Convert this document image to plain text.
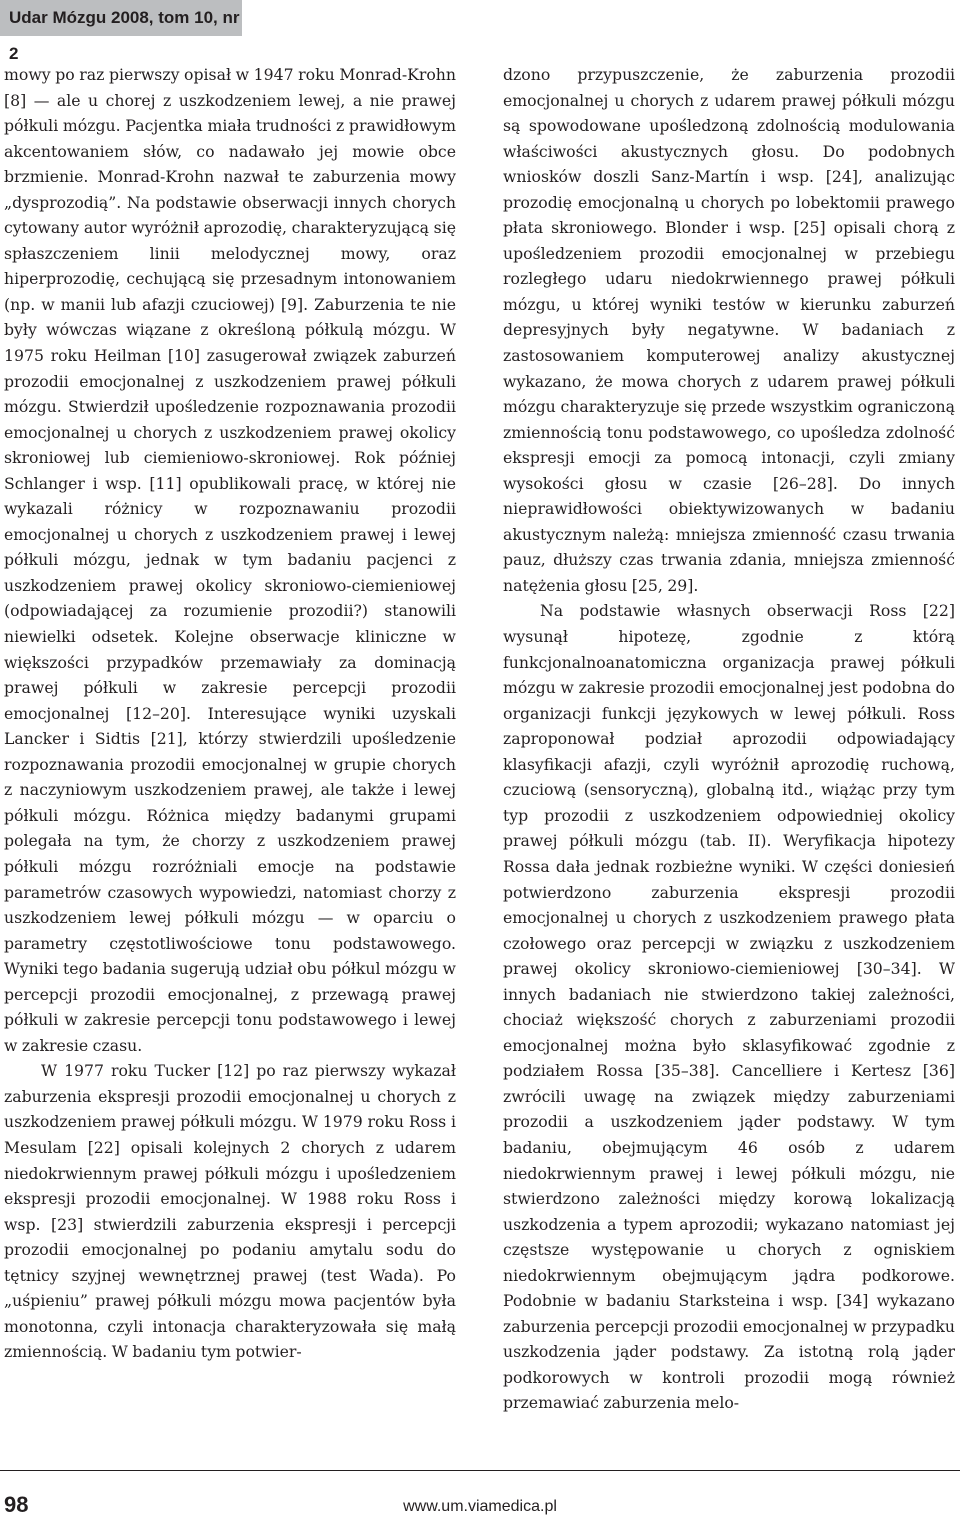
Udar Mózgu 2008, tom 10, nr 2

mowy po raz pierwszy opisał w 1947 roku Monrad-Krohn [8] — ale u chorej z uszkodzeniem lewej, a nie prawej półkuli mózgu. Pacjentka miała trudności z prawidłowym akcentowaniem słów, co nadawało jej mowie obce brzmienie. Monrad-Krohn nazwał te zaburzenia mowy „dysprozodią”. Na podstawie obserwacji innych chorych cytowany autor wyróżnił aprozodię, charakteryzującą się spłaszczeniem linii melodycznej mowy, oraz hiperprozodię, cechującą się przesadnym intonowaniem (np. w manii lub afazji czuciowej) [9]. Zaburzenia te nie były wówczas wiązane z określoną półkulą mózgu. W 1975 roku Heilman [10] zasugerował związek zaburzeń prozodii emocjonalnej z uszkodzeniem prawej półkuli mózgu. Stwierdził upośledzenie rozpoznawania prozodii emocjonalnej u chorych z uszkodzeniem prawej okolicy skroniowej lub ciemieniowo-skroniowej. Rok później Schlanger i wsp. [11] opublikowali pracę, w której nie wykazali różnicy w rozpoznawaniu prozodii emocjonalnej u chorych z uszkodzeniem prawej i lewej półkuli mózgu, jednak w tym badaniu pacjenci z uszkodzeniem prawej okolicy skroniowo-ciemieniowej (odpowiadającej za rozumienie prozodii?) stanowili niewielki odsetek. Kolejne obserwacje kliniczne w większości przypadków przemawiały za dominacją prawej półkuli w zakresie percepcji prozodii emocjonalnej [12–20]. Interesujące wyniki uzyskali Lancker i Sidtis [21], którzy stwierdzili upośledzenie rozpoznawania prozodii emocjonalnej w grupie chorych z naczyniowym uszkodzeniem prawej, ale także i lewej półkuli mózgu. Różnica między badanymi grupami polegała na tym, że chorzy z uszkodzeniem prawej półkuli mózgu rozróżniali emocje na podstawie parametrów czasowych wypowiedzi, natomiast chorzy z uszkodzeniem lewej półkuli mózgu — w oparciu o parametry częstotliwościowe tonu podstawowego. Wyniki tego badania sugerują udział obu półkul mózgu w percepcji prozodii emocjonalnej, z przewagą prawej półkuli w zakresie percepcji tonu podstawowego i lewej w zakresie czasu.

W 1977 roku Tucker [12] po raz pierwszy wykazał zaburzenia ekspresji prozodii emocjonalnej u chorych z uszkodzeniem prawej półkuli mózgu. W 1979 roku Ross i Mesulam [22] opisali kolejnych 2 chorych z udarem niedokrwiennym prawej półkuli mózgu i upośledzeniem ekspresji prozodii emocjonalnej. W 1988 roku Ross i wsp. [23] stwierdzili zaburzenia ekspresji i percepcji prozodii emocjonalnej po podaniu amytalu sodu do tętnicy szyjnej wewnętrznej prawej (test Wada). Po „uśpieniu” prawej półkuli mózgu mowa pacjentów była monotonna, czyli intonacja charakteryzowała się małą zmiennością. W badaniu tym potwier-

dzono przypuszczenie, że zaburzenia prozodii emocjonalnej u chorych z udarem prawej półkuli mózgu są spowodowane upośledzoną zdolnością modulowania właściwości akustycznych głosu. Do podobnych wniosków doszli Sanz-Martín i wsp. [24], analizując prozodię emocjonalną u chorych po lobektomii prawego płata skroniowego. Blonder i wsp. [25] opisali chorą z upośledzeniem prozodii emocjonalnej w przebiegu rozległego udaru niedokrwiennego prawej półkuli mózgu, u której wyniki testów w kierunku zaburzeń depresyjnych były negatywne. W badaniach z zastosowaniem komputerowej analizy akustycznej wykazano, że mowa chorych z udarem prawej półkuli mózgu charakteryzuje się przede wszystkim ograniczoną zmiennością tonu podstawowego, co upośledza zdolność ekspresji emocji za pomocą intonacji, czyli zmiany wysokości głosu w czasie [26–28]. Do innych nieprawidłowości obiektywizowanych w badaniu akustycznym należą: mniejsza zmienność czasu trwania pauz, dłuższy czas trwania zdania, mniejsza zmienność natężenia głosu [25, 29].

Na podstawie własnych obserwacji Ross [22] wysunął hipotezę, zgodnie z którą funkcjonalnoanatomiczna organizacja prawej półkuli mózgu w zakresie prozodii emocjonalnej jest podobna do organizacji funkcji językowych w lewej półkuli. Ross zaproponował podział aprozodii odpowiadający klasyfikacji afazji, czyli wyróżnił aprozodię ruchową, czuciową (sensoryczną), globalną itd., wiążąc przy tym typ prozodii z uszkodzeniem odpowiedniej okolicy prawej półkuli mózgu (tab. II). Weryfikacja hipotezy Rossa dała jednak rozbieżne wyniki. W części doniesień potwierdzono zaburzenia ekspresji prozodii emocjonalnej u chorych z uszkodzeniem prawego płata czołowego oraz percepcji w związku z uszkodzeniem prawej okolicy skroniowo-ciemieniowej [30–34]. W innych badaniach nie stwierdzono takiej zależności, chociaż większość chorych z zaburzeniami prozodii emocjonalnej można było sklasyfikować zgodnie z podziałem Rossa [35–38]. Cancelliere i Kertesz [36] zwrócili uwagę na związek między zaburzeniami prozodii a uszkodzeniem jąder podstawy. W tym badaniu, obejmującym 46 osób z udarem niedokrwiennym prawej i lewej półkuli mózgu, nie stwierdzono zależności między korową lokalizacją uszkodzenia a typem aprozodii; wykazano natomiast jej częstsze występowanie u chorych z ogniskiem niedokrwiennym obejmującym jądra podkorowe. Podobnie w badaniu Starksteina i wsp. [34] wykazano zaburzenia percepcji prozodii emocjonalnej w przypadku uszkodzenia jąder podstawy. Za istotną rolą jąder podkorowych w kontroli prozodii mogą również przemawiać zaburzenia melo-

98	www.um.viamedica.pl
